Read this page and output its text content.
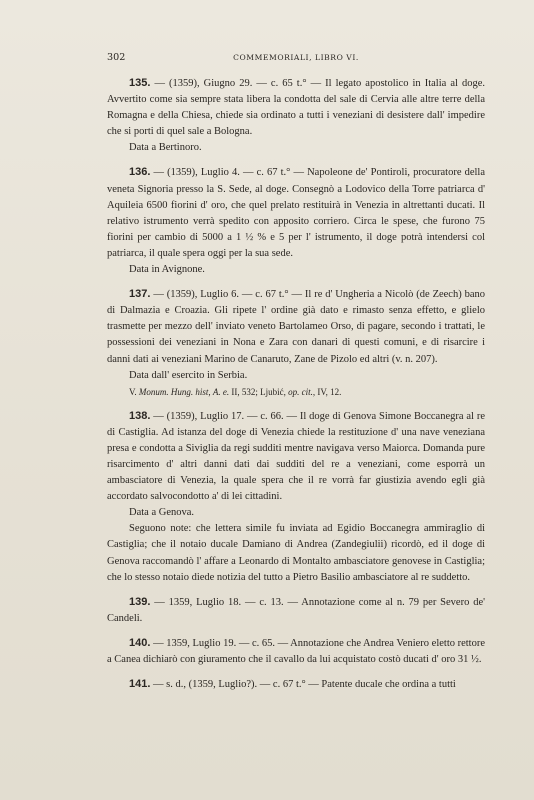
302	COMMEMORIALI, LIBRO VI.

135. — (1359), Giugno 29. — c. 65 t.° — Il legato apostolico in Italia al doge. Avvertito come sia sempre stata libera la condotta del sale di Cervia alle altre terre della Romagna e della Chiesa, chiede sia ordinato a tutti i veneziani di desistere dall' impedire che si porti di quel sale a Bologna.

Data a Bertinoro.

136. — (1359), Luglio 4. — c. 67 t.° — Napoleone de' Pontiroli, procuratore della veneta Signoria presso la S. Sede, al doge. Consegnò a Lodovico della Torre patriarca d' Aquileia 6500 fiorini d' oro, che quel prelato restituirà in Venezia in altrettanti ducati. Il relativo istrumento verrà spedito con apposito corriero. Circa le spese, che furono 75 fiorini per cambio di 5000 a 1 ½ % e 5 per l' istrumento, il doge potrà intendersi col patriarca, il quale spera oggi per la sua sede.

Data in Avignone.

137. — (1359), Luglio 6. — c. 67 t.° — Il re d' Ungheria a Nicolò (de Zeech) bano di Dalmazia e Croazia. Gli ripete l' ordine già dato e rimasto senza effetto, e glielo trasmette per mezzo dell' inviato veneto Bartolameo Orso, di pagare, secondo i trattati, le possessioni dei veneziani in Nona e Zara con danari di questi comuni, e di risarcire i danni dati ai veneziani Marino de Canaruto, Zane de Pizolo ed altri (v. n. 207).

Data dall' esercito in Serbia.

V. Monum. Hung. hist, A. e. II, 532; Ljubić, op. cit., IV, 12.

138. — (1359), Luglio 17. — c. 66. — Il doge di Genova Simone Boccanegra al re di Castiglia. Ad istanza del doge di Venezia chiede la restituzione d' una nave veneziana presa e condotta a Siviglia da regi sudditi mentre navigava verso Maiorca. Domanda pure risarcimento d' altri danni dati dai sudditi del re a veneziani, come esporrà un ambasciatore di Venezia, la quale spera che il re vorrà far giustizia avendo egli già accordato salvocondotto a' di lei cittadini.

Data a Genova.

Seguono note: che lettera simile fu inviata ad Egidio Boccanegra ammiraglio di Castiglia; che il notaio ducale Damiano di Andrea (Zandegiulii) ricordò, ed il doge di Genova raccomandò l' affare a Leonardo di Montalto ambasciatore genovese in Castiglia; che lo stesso notaio diede notizia del tutto a Pietro Basilio ambasciatore al re suddetto.

139. — 1359, Luglio 18. — c. 13. — Annotazione come al n. 79 per Severo de' Candeli.

140. — 1359, Luglio 19. — c. 65. — Annotazione che Andrea Veniero eletto rettore a Canea dichiarò con giuramento che il cavallo da lui acquistato costò ducati d' oro 31 ½.

141. — s. d., (1359, Luglio?). — c. 67 t.° — Patente ducale che ordina a tutti
